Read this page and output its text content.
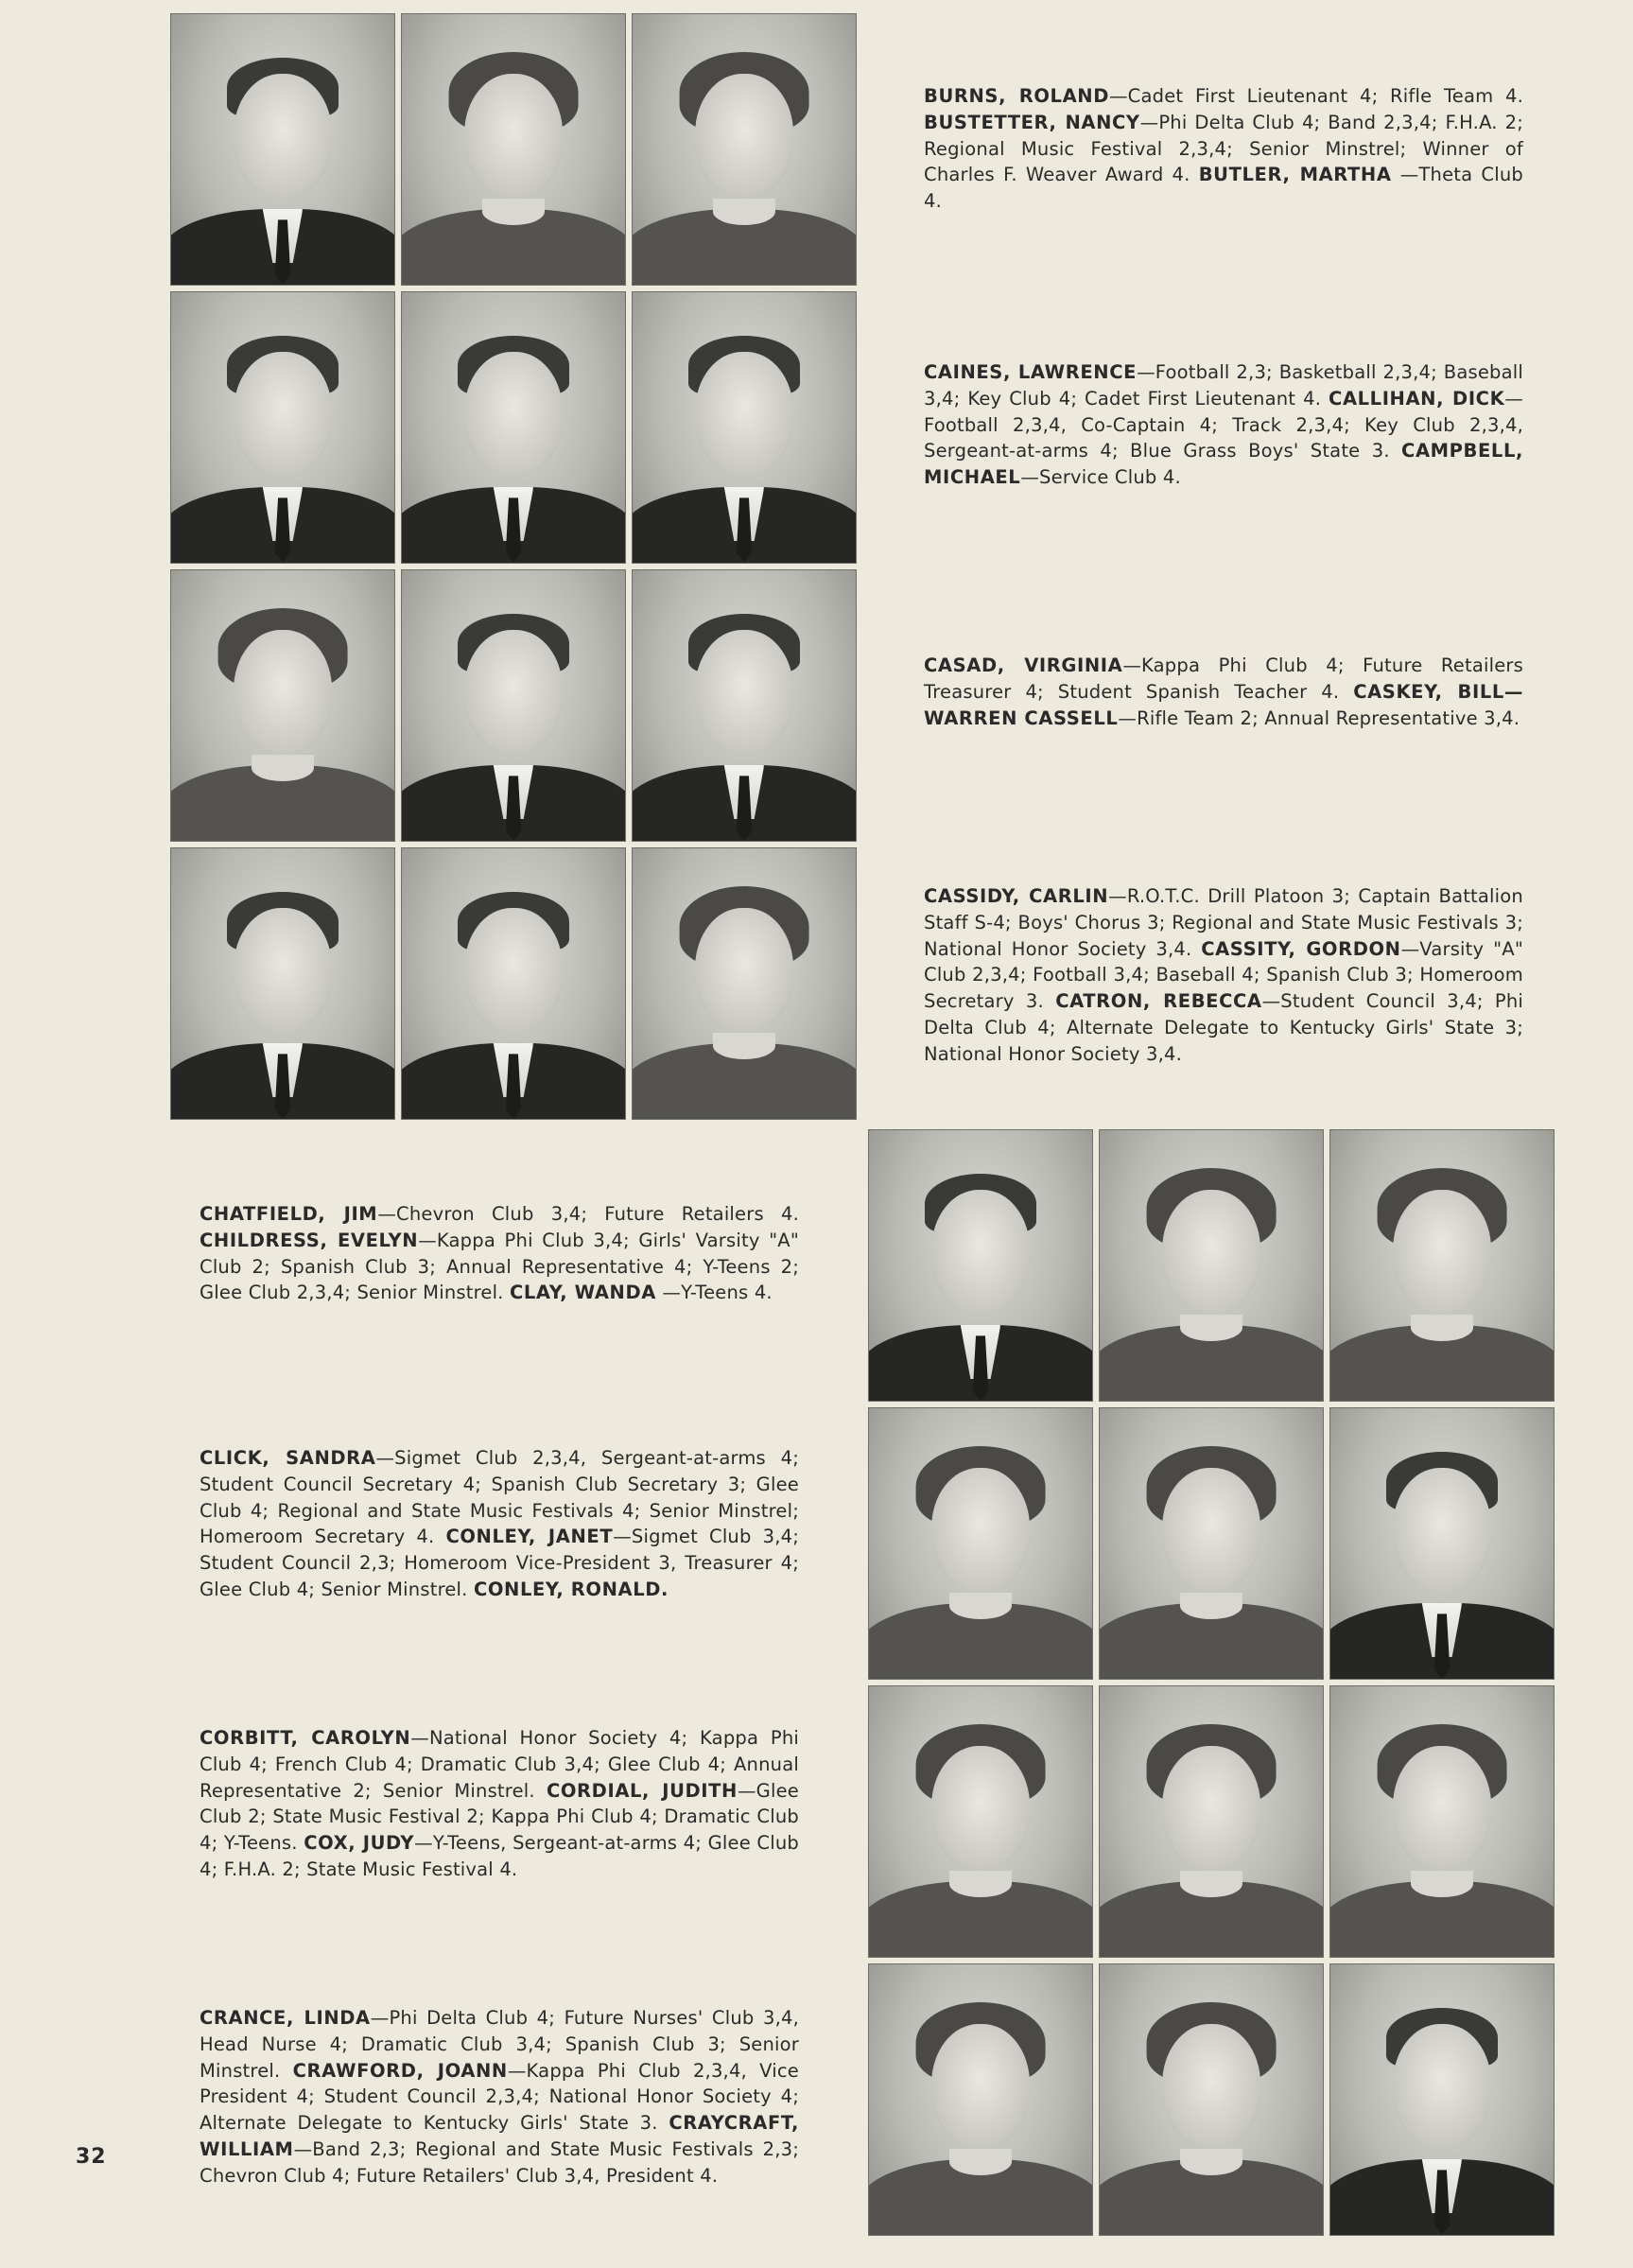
BURNS, ROLAND—Cadet First Lieutenant 4; Rifle Team 4. BUSTETTER, NANCY—Phi Delta Club 4; Band 2,3,4; F.H.A. 2; Regional Music Festival 2,3,4; Senior Minstrel; Winner of Charles F. Weaver Award 4. BUTLER, MARTHA —Theta Club 4.
CAINES, LAWRENCE—Football 2,3; Basketball 2,3,4; Baseball 3,4; Key Club 4; Cadet First Lieutenant 4. CALLIHAN, DICK—Football 2,3,4, Co-Captain 4; Track 2,3,4; Key Club 2,3,4, Sergeant-at-arms 4; Blue Grass Boys' State 3. CAMPBELL, MICHAEL—Service Club 4.
CASAD, VIRGINIA—Kappa Phi Club 4; Future Retailers Treasurer 4; Student Spanish Teacher 4. CASKEY, BILL— WARREN CASSELL—Rifle Team 2; Annual Representative 3,4.
CASSIDY, CARLIN—R.O.T.C. Drill Platoon 3; Captain Battalion Staff S-4; Boys' Chorus 3; Regional and State Music Festivals 3; National Honor Society 3,4. CASSITY, GORDON—Varsity "A" Club 2,3,4; Football 3,4; Baseball 4; Spanish Club 3; Homeroom Secretary 3. CATRON, REBECCA—Student Council 3,4; Phi Delta Club 4; Alternate Delegate to Kentucky Girls' State 3; National Honor Society 3,4.
CHATFIELD, JIM—Chevron Club 3,4; Future Retailers 4. CHILDRESS, EVELYN—Kappa Phi Club 3,4; Girls' Varsity "A" Club 2; Spanish Club 3; Annual Representative 4; Y-Teens 2; Glee Club 2,3,4; Senior Minstrel. CLAY, WANDA —Y-Teens 4.
CLICK, SANDRA—Sigmet Club 2,3,4, Sergeant-at-arms 4; Student Council Secretary 4; Spanish Club Secretary 3; Glee Club 4; Regional and State Music Festivals 4; Senior Minstrel; Homeroom Secretary 4. CONLEY, JANET—Sigmet Club 3,4; Student Council 2,3; Homeroom Vice-President 3, Treasurer 4; Glee Club 4; Senior Minstrel. CONLEY, RONALD.
CORBITT, CAROLYN—National Honor Society 4; Kappa Phi Club 4; French Club 4; Dramatic Club 3,4; Glee Club 4; Annual Representative 2; Senior Minstrel. CORDIAL, JUDITH—Glee Club 2; State Music Festival 2; Kappa Phi Club 4; Dramatic Club 4; Y-Teens. COX, JUDY—Y-Teens, Sergeant-at-arms 4; Glee Club 4; F.H.A. 2; State Music Festival 4.
CRANCE, LINDA—Phi Delta Club 4; Future Nurses' Club 3,4, Head Nurse 4; Dramatic Club 3,4; Spanish Club 3; Senior Minstrel. CRAWFORD, JOANN—Kappa Phi Club 2,3,4, Vice President 4; Student Council 2,3,4; National Honor Society 4; Alternate Delegate to Kentucky Girls' State 3. CRAYCRAFT, WILLIAM—Band 2,3; Regional and State Music Festivals 2,3; Chevron Club 4; Future Retailers' Club 3,4, President 4.
32
